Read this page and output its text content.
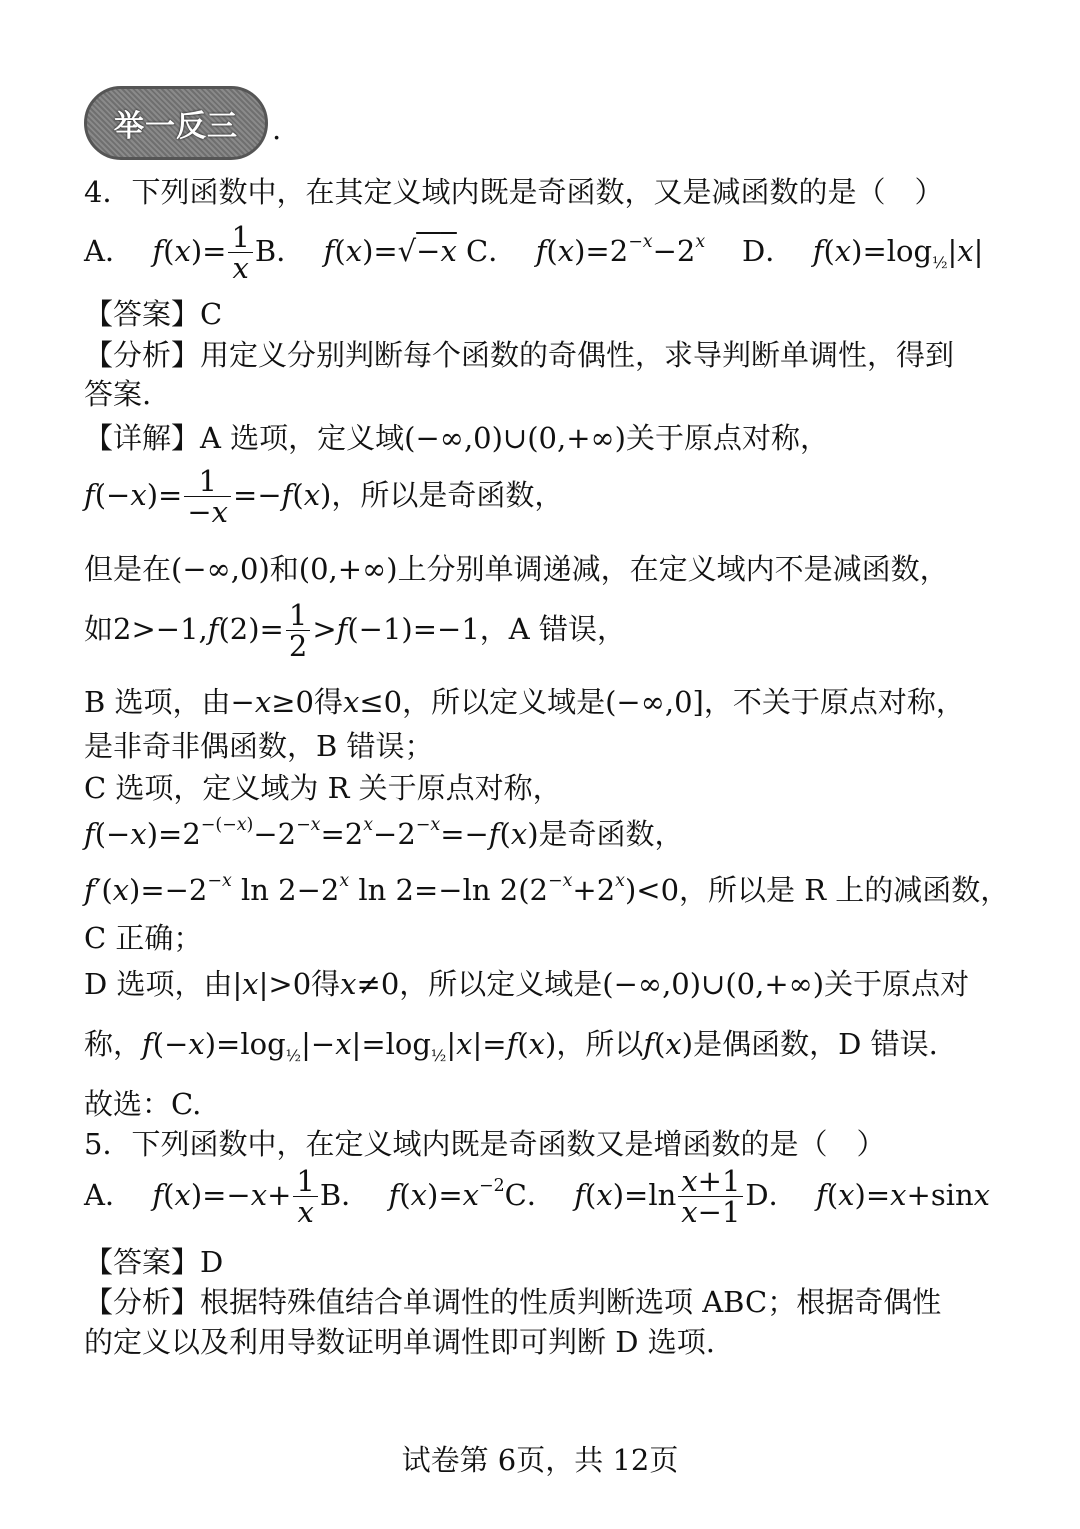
举一反三 .
4．下列函数中，在其定义域内既是奇函数，又是减函数的是（　）
A． $f(x)= \frac{1}{x}$ B． f(x)=√−x C． $f(x)=2^{-x}-2^x$ D． $f(x)=\log_{\frac{1}{2}}|x|$
【答案】C
【分析】用定义分别判断每个函数的奇偶性，求导判断单调性，得到
答案.
【详解】A 选项，定义域(−∞,0)∪(0,+∞)关于原点对称，
$f(-x)= \frac{1}{-x} =-f(x)$，所以是奇函数，
但是在(−∞,0)和(0,+∞)上分别单调递减，在定义域内不是减函数，
如$2>-1,f(2)= \frac{1}{2} >f(-1)=-1$，A 错误，
B 选项，由−x≥0得x≤0，所以定义域是(−∞,0]，不关于原点对称，
是非奇非偶函数，B 错误；
C 选项，定义域为 R 关于原点对称，
$f(-x)=2^{-(-x)}-2^{-x}=2^x-2^{-x}=-f(x)$是奇函数，
$f'(x)=-2^{-x}$ $\ln 2-2^x$ ln 2=−ln $2(2^{-x}+2^x)<0$，所以是 R 上的减函数，
C 正确；
D 选项，由|x|>0得x≠0，所以定义域是(−∞,0)∪(0,+∞)关于原点对
称，$f(-x)=\log_{\frac{1}{2}}|-x|=\log_{\frac{1}{2}}|x|=f(x)$，所以f(x)是偶函数，D 错误.
故选：C.
5．下列函数中，在定义域内既是奇函数又是增函数的是（　）
A． $f(x)=-x+ \frac{1}{x}$ B． $f(x)=x^{-2}C$． $f(x)=\ln \frac{x+1}{x-1}$ D． f(x)=x+sinx
【答案】D
【分析】根据特殊值结合单调性的性质判断选项 ABC；根据奇偶性
的定义以及利用导数证明单调性即可判断 D 选项.
试卷第 6页，共 12页
